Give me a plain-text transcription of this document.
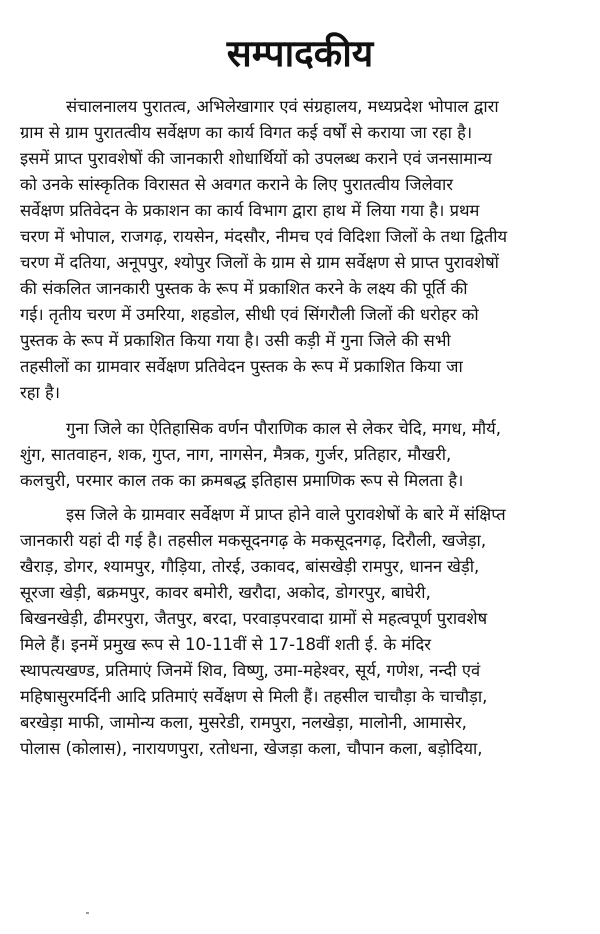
सम्पादकीय
संचालनालय पुरातत्व, अभिलेखागार एवं संग्रहालय, मध्यप्रदेश भोपाल द्वारा
ग्राम से ग्राम पुरातत्वीय सर्वेक्षण का कार्य विगत कई वर्षों से कराया जा रहा है।
इसमें प्राप्त पुरावशेषों की जानकारी शोधार्थियों को उपलब्ध कराने एवं जनसामान्य
को उनके सांस्कृतिक विरासत से अवगत कराने के लिए पुरातत्वीय जिलेवार
सर्वेक्षण प्रतिवेदन के प्रकाशन का कार्य विभाग द्वारा हाथ में लिया गया है। प्रथम
चरण में भोपाल, राजगढ़, रायसेन, मंदसौर, नीमच एवं विदिशा जिलों के तथा द्वितीय
चरण में दतिया, अनूपपुर, श्योपुर जिलों के ग्राम से ग्राम सर्वेक्षण से प्राप्त पुरावशेषों
की संकलित जानकारी पुस्तक के रूप में प्रकाशित करने के लक्ष्य की पूर्ति की
गई। तृतीय चरण में उमरिया, शहडोल, सीधी एवं सिंगरौली जिलों की धरोहर को
पुस्तक के रूप में प्रकाशित किया गया है। उसी कड़ी में गुना जिले की सभी
तहसीलों का ग्रामवार सर्वेक्षण प्रतिवेदन पुस्तक के रूप में प्रकाशित किया जा
रहा है।
गुना जिले का ऐतिहासिक वर्णन पौराणिक काल से लेकर चेदि, मगध, मौर्य,
शुंग, सातवाहन, शक, गुप्त, नाग, नागसेन, मैत्रक, गुर्जर, प्रतिहार, मौखरी,
कलचुरी, परमार काल तक का क्रमबद्ध इतिहास प्रमाणिक रूप से मिलता है।
इस जिले के ग्रामवार सर्वेक्षण में प्राप्त होने वाले पुरावशेषों के बारे में संक्षिप्त
जानकारी यहां दी गई है। तहसील मकसूदनगढ़ के मकसूदनगढ़, दिरौली, खजेड़ा,
खैराड़, डोगर, श्यामपुर, गौड़िया, तोरई, उकावद, बांसखेड़ी रामपुर, धानन खेड़ी,
सूरजा खेड़ी, बक्रमपुर, कावर बमोरी, खरौदा, अकोद, डोगरपुर, बाघेरी,
बिखनखेड़ी, ढीमरपुरा, जैतपुर, बरदा, परवाड़परवादा ग्रामों से महत्वपूर्ण पुरावशेष
मिले हैं। इनमें प्रमुख रूप से 10-11वीं से 17-18वीं शती ई. के मंदिर
स्थापत्यखण्ड, प्रतिमाएं जिनमें शिव, विष्णु, उमा-महेश्वर, सूर्य, गणेश, नन्दी एवं
महिषासुरमर्दिनी आदि प्रतिमाएं सर्वेक्षण से मिली हैं। तहसील चाचौड़ा के चाचौड़ा,
बरखेड़ा माफी, जामोन्य कला, मुसरेडी, रामपुरा, नलखेड़ा, मालोनी, आमासेर,
पोलास (कोलास), नारायणपुरा, रतोधना, खेजड़ा कला, चौपान कला, बड़ोदिया,
